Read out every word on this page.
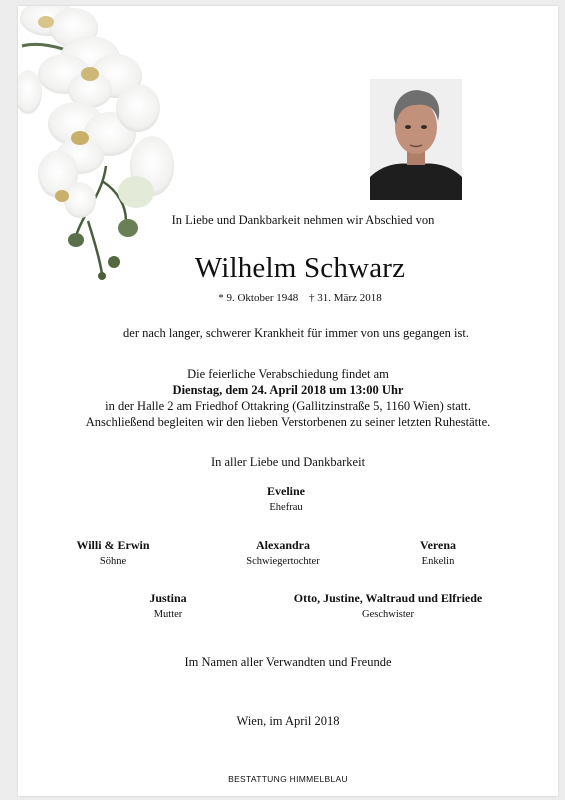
In Liebe und Dankbarkeit nehmen wir Abschied von
Wilhelm Schwarz
* 9. Oktober 1948 † 31. März 2018
der nach langer, schwerer Krankheit für immer von uns gegangen ist.
Die feierliche Verabschiedung findet am
Dienstag, dem 24. April 2018 um 13:00 Uhr
in der Halle 2 am Friedhof Ottakring (Gallitzinstraße 5, 1160 Wien) statt.
Anschließend begleiten wir den lieben Verstorbenen zu seiner letzten Ruhestätte.
In aller Liebe und Dankbarkeit
Eveline
Ehefrau
Willi & Erwin
Söhne
Alexandra
Schwiegertochter
Verena
Enkelin
Justina
Mutter
Otto, Justine, Waltraud und Elfriede
Geschwister
Im Namen aller Verwandten und Freunde
Wien, im April 2018
BESTATTUNG HIMMELBLAU
